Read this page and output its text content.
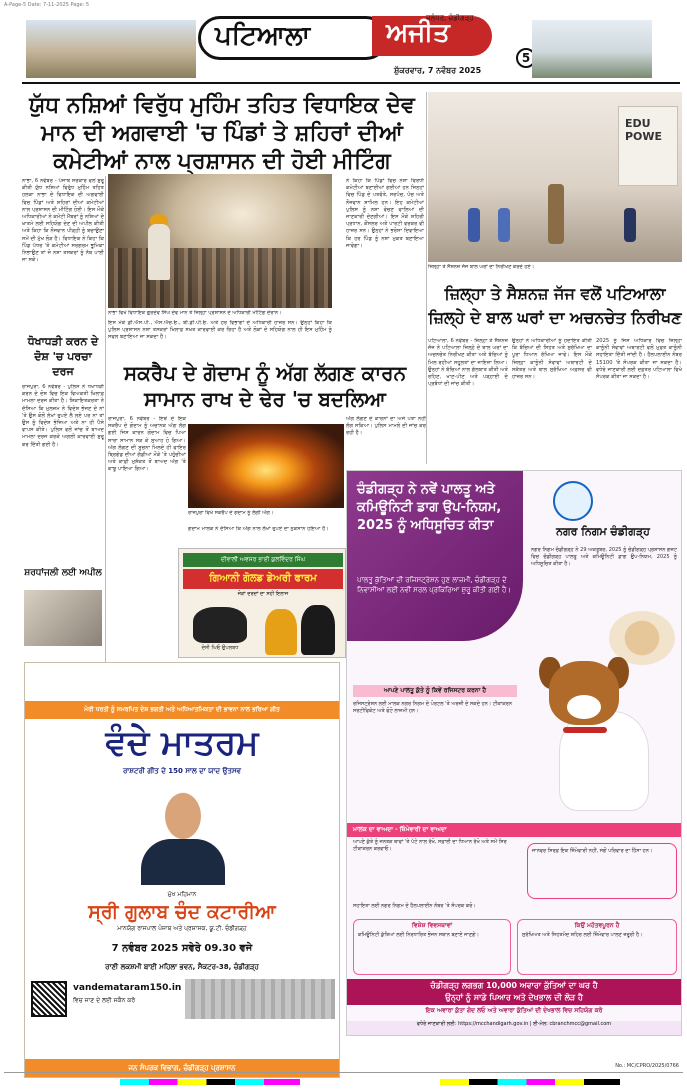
A-Page-5 Date: 7-11-2025 Page: 5
ਪਟਿਆਲਾ	ਅਜੀਤ
ਜਲੰਧਰ, ਚੰਡੀਗੜ੍ਹ
ਸ਼ੁੱਕਰਵਾਰ, 7 ਨਵੰਬਰ 2025
5
ਯੁੱਧ ਨਸ਼ਿਆਂ ਵਿਰੁੱਧ ਮੁਹਿੰਮ ਤਹਿਤ ਵਿਧਾਇਕ ਦੇਵ ਮਾਨ ਦੀ ਅਗਵਾਈ 'ਚ ਪਿੰਡਾਂ ਤੇ ਸ਼ਹਿਰਾਂ ਦੀਆਂ ਕਮੇਟੀਆਂ ਨਾਲ ਪ੍ਰਸ਼ਾਸਨ ਦੀ ਹੋਈ ਮੀਟਿੰਗ
ਨਾਭਾ, 6 ਨਵੰਬਰ - ਪੰਜਾਬ ਸਰਕਾਰ ਵਲੋਂ ਸ਼ੁਰੂ ਕੀਤੀ ਯੁੱਧ ਨਸ਼ਿਆਂ ਵਿਰੁੱਧ ਮੁਹਿੰਮ ਤਹਿਤ ਹਲਕਾ ਨਾਭਾ ਦੇ ਵਿਧਾਇਕ ਦੀ ਅਗਵਾਈ ਵਿਚ ਪਿੰਡਾਂ ਅਤੇ ਸ਼ਹਿਰਾਂ ਦੀਆਂ ਕਮੇਟੀਆਂ ਨਾਲ ਪ੍ਰਸ਼ਾਸਨ ਦੀ ਮੀਟਿੰਗ ਹੋਈ। ਇਸ ਮੌਕੇ ਅਧਿਕਾਰੀਆਂ ਨੇ ਕਮੇਟੀ ਮੈਂਬਰਾਂ ਨੂੰ ਨਸ਼ਿਆਂ ਦੇ ਖ਼ਾਤਮੇ ਲਈ ਸਹਿਯੋਗ ਦੇਣ ਦੀ ਅਪੀਲ ਕੀਤੀ ਅਤੇ ਕਿਹਾ ਕਿ ਨੌਜਵਾਨ ਪੀੜ੍ਹੀ ਨੂੰ ਬਚਾਉਣਾ ਸਮੇਂ ਦੀ ਮੁੱਖ ਲੋੜ ਹੈ। ਵਿਧਾਇਕ ਨੇ ਕਿਹਾ ਕਿ ਪਿੰਡ ਪੱਧਰ 'ਤੇ ਕਮੇਟੀਆਂ ਸਰਗਰਮ ਭੂਮਿਕਾ ਨਿਭਾਉਣ ਤਾਂ ਜੋ ਨਸ਼ਾ ਤਸਕਰਾਂ ਨੂੰ ਨੱਥ ਪਾਈ ਜਾ ਸਕੇ।
ਨਾਭਾ ਵਿਖੇ ਵਿਧਾਇਕ ਗੁਰਦੇਵ ਸਿੰਘ ਦੇਵ ਮਾਨ ਤੇ ਜ਼ਿਲ੍ਹਾ ਪ੍ਰਸ਼ਾਸਨ ਦੇ ਅਧਿਕਾਰੀ ਮੀਟਿੰਗ ਦੌਰਾਨ।
ਇਸ ਮੌਕੇ ਡੀ.ਐਸ.ਪੀ., ਐਸ.ਐਚ.ਓ., ਬੀ.ਡੀ.ਪੀ.ਓ. ਅਤੇ ਹੋਰ ਵਿਭਾਗਾਂ ਦੇ ਅਧਿਕਾਰੀ ਹਾਜ਼ਰ ਸਨ। ਉਨ੍ਹਾਂ ਕਿਹਾ ਕਿ ਪੁਲਿਸ ਪ੍ਰਸ਼ਾਸਨ ਨਸ਼ਾ ਤਸਕਰਾਂ ਖ਼ਿਲਾਫ਼ ਸਖ਼ਤ ਕਾਰਵਾਈ ਕਰ ਰਿਹਾ ਹੈ ਅਤੇ ਲੋਕਾਂ ਦੇ ਸਹਿਯੋਗ ਨਾਲ ਹੀ ਇਸ ਮੁਹਿੰਮ ਨੂੰ ਸਫਲ ਬਣਾਇਆ ਜਾ ਸਕਦਾ ਹੈ।
ਨੇ ਕਿਹਾ ਕਿ ਪਿੰਡਾਂ ਵਿਚ ਨਸ਼ਾ ਵਿਰੋਧੀ ਕਮੇਟੀਆਂ ਬਣਾਈਆਂ ਗਈਆਂ ਹਨ ਜਿਨ੍ਹਾਂ ਵਿਚ ਪਿੰਡ ਦੇ ਪਤਵੰਤੇ, ਸਰਪੰਚ, ਪੰਚ ਅਤੇ ਨੌਜਵਾਨ ਸ਼ਾਮਿਲ ਹਨ। ਇਹ ਕਮੇਟੀਆਂ ਪੁਲਿਸ ਨੂੰ ਨਸ਼ਾ ਵੇਚਣ ਵਾਲਿਆਂ ਦੀ ਜਾਣਕਾਰੀ ਦੇਣਗੀਆਂ। ਇਸ ਮੌਕੇ ਸ਼ਹਿਰੀ ਪ੍ਰਧਾਨ, ਕੌਂਸਲਰ ਅਤੇ ਪਾਰਟੀ ਵਰਕਰ ਵੀ ਹਾਜ਼ਰ ਸਨ। ਉਨ੍ਹਾਂ ਨੇ ਭਰੋਸਾ ਦਿਵਾਇਆ ਕਿ ਹਰ ਪਿੰਡ ਨੂੰ ਨਸ਼ਾ ਮੁਕਤ ਬਣਾਇਆ ਜਾਵੇਗਾ।
EDU POWE
ਜ਼ਿਲ੍ਹਾ ਤੇ ਸੈਸ਼ਨਜ਼ ਜੱਜ ਬਾਲ ਘਰਾਂ ਦਾ ਨਿਰੀਖਣ ਕਰਦੇ ਹੋਏ।
ਜ਼ਿਲ੍ਹਾ ਤੇ ਸੈਸ਼ਨਜ਼ ਜੱਜ ਵਲੋਂ ਪਟਿਆਲਾ ਜ਼ਿਲ੍ਹੇ ਦੇ ਬਾਲ ਘਰਾਂ ਦਾ ਅਚਨਚੇਤ ਨਿਰੀਖਣ
ਪਟਿਆਲਾ, 6 ਨਵੰਬਰ - ਜ਼ਿਲ੍ਹਾ ਤੇ ਸੈਸ਼ਨਜ਼ ਜੱਜ ਨੇ ਪਟਿਆਲਾ ਜ਼ਿਲ੍ਹੇ ਦੇ ਬਾਲ ਘਰਾਂ ਦਾ ਅਚਨਚੇਤ ਨਿਰੀਖਣ ਕੀਤਾ ਅਤੇ ਬੱਚਿਆਂ ਨੂੰ ਮਿਲ ਰਹੀਆਂ ਸਹੂਲਤਾਂ ਦਾ ਜਾਇਜ਼ਾ ਲਿਆ। ਉਨ੍ਹਾਂ ਨੇ ਬੱਚਿਆਂ ਨਾਲ ਗੱਲਬਾਤ ਕੀਤੀ ਅਤੇ ਰਹਿਣ, ਖਾਣ-ਪੀਣ ਅਤੇ ਪੜ੍ਹਾਈ ਦੇ ਪ੍ਰਬੰਧਾਂ ਦੀ ਜਾਂਚ ਕੀਤੀ।
ਉਨ੍ਹਾਂ ਨੇ ਅਧਿਕਾਰੀਆਂ ਨੂੰ ਹਦਾਇਤ ਕੀਤੀ ਕਿ ਬੱਚਿਆਂ ਦੀ ਸਿਹਤ ਅਤੇ ਸੁਰੱਖਿਆ ਦਾ ਪੂਰਾ ਧਿਆਨ ਰੱਖਿਆ ਜਾਵੇ। ਇਸ ਮੌਕੇ ਜ਼ਿਲ੍ਹਾ ਕਾਨੂੰਨੀ ਸੇਵਾਵਾਂ ਅਥਾਰਟੀ ਦੇ ਸਕੱਤਰ ਅਤੇ ਬਾਲ ਸੁਰੱਖਿਆ ਅਫ਼ਸਰ ਵੀ ਹਾਜ਼ਰ ਸਨ।
2025 ਨੂੰ ਜਿਸ ਅਧਿਕਾਰ ਵਿਚ ਜ਼ਿਲ੍ਹਾ ਕਾਨੂੰਨੀ ਸੇਵਾਵਾਂ ਅਥਾਰਟੀ ਵਲੋਂ ਮੁਫ਼ਤ ਕਾਨੂੰਨੀ ਸਹਾਇਤਾ ਦਿੱਤੀ ਜਾਂਦੀ ਹੈ। ਹੈਲਪਲਾਈਨ ਨੰਬਰ 15100 'ਤੇ ਸੰਪਰਕ ਕੀਤਾ ਜਾ ਸਕਦਾ ਹੈ। ਵਧੇਰੇ ਜਾਣਕਾਰੀ ਲਈ ਦਫ਼ਤਰ ਪਟਿਆਲਾ ਵਿਖੇ ਸੰਪਰਕ ਕੀਤਾ ਜਾ ਸਕਦਾ ਹੈ।
ਧੋਖਾਧੜੀ ਕਰਨ ਦੇ ਦੋਸ਼ 'ਚ ਪਰਚਾ ਦਰਜ
ਰਾਜਪੁਰਾ, 6 ਨਵੰਬਰ - ਪੁਲਿਸ ਨੇ ਧੋਖਾਧੜੀ ਕਰਨ ਦੇ ਦੋਸ਼ ਵਿਚ ਇਕ ਵਿਅਕਤੀ ਖ਼ਿਲਾਫ਼ ਮਾਮਲਾ ਦਰਜ ਕੀਤਾ ਹੈ। ਸ਼ਿਕਾਇਤਕਰਤਾ ਨੇ ਦੱਸਿਆ ਕਿ ਮੁਲਜ਼ਮ ਨੇ ਵਿਦੇਸ਼ ਭੇਜਣ ਦੇ ਨਾਂ 'ਤੇ ਉਸ ਕੋਲੋਂ ਲੱਖਾਂ ਰੁਪਏ ਲੈ ਲਏ ਪਰ ਨਾ ਤਾਂ ਉਸ ਨੂੰ ਵਿਦੇਸ਼ ਭੇਜਿਆ ਅਤੇ ਨਾ ਹੀ ਪੈਸੇ ਵਾਪਸ ਕੀਤੇ। ਪੁਲਿਸ ਵਲੋਂ ਜਾਂਚ ਤੋਂ ਬਾਅਦ ਮਾਮਲਾ ਦਰਜ ਕਰਕੇ ਅਗਲੀ ਕਾਰਵਾਈ ਸ਼ੁਰੂ ਕਰ ਦਿੱਤੀ ਗਈ ਹੈ।
ਸ਼ਰਧਾਂਜਲੀ ਲਈ ਅਪੀਲ
ਸਕਰੈਪ ਦੇ ਗੋਦਾਮ ਨੂੰ ਅੱਗ ਲੱਗਣ ਕਾਰਨ ਸਾਮਾਨ ਰਾਖ ਦੇ ਢੇਰ 'ਚ ਬਦਲਿਆ
ਰਾਜਪੁਰਾ, 6 ਨਵੰਬਰ - ਇਥੋਂ ਦੇ ਇਕ ਸਕਰੈਪ ਦੇ ਗੋਦਾਮ ਨੂੰ ਅਚਾਨਕ ਅੱਗ ਲੱਗ ਗਈ ਜਿਸ ਕਾਰਨ ਗੋਦਾਮ ਵਿਚ ਪਿਆ ਸਾਰਾ ਸਾਮਾਨ ਸੜ ਕੇ ਸੁਆਹ ਹੋ ਗਿਆ। ਅੱਗ ਲੱਗਣ ਦੀ ਸੂਚਨਾ ਮਿਲਦੇ ਹੀ ਫਾਇਰ ਬ੍ਰਿਗੇਡ ਦੀਆਂ ਗੱਡੀਆਂ ਮੌਕੇ 'ਤੇ ਪਹੁੰਚੀਆਂ ਅਤੇ ਕਾਫ਼ੀ ਮੁਸ਼ੱਕਤ ਤੋਂ ਬਾਅਦ ਅੱਗ 'ਤੇ ਕਾਬੂ ਪਾਇਆ ਗਿਆ।
ਰਾਜਪੁਰਾ ਵਿਖੇ ਸਕਰੈਪ ਦੇ ਗੋਦਾਮ ਨੂੰ ਲੱਗੀ ਅੱਗ।
ਗੋਦਾਮ ਮਾਲਕ ਨੇ ਦੱਸਿਆ ਕਿ ਅੱਗ ਨਾਲ ਲੱਖਾਂ ਰੁਪਏ ਦਾ ਨੁਕਸਾਨ ਹੋਇਆ ਹੈ।
ਅੱਗ ਲੱਗਣ ਦੇ ਕਾਰਨਾਂ ਦਾ ਅਜੇ ਪਤਾ ਨਹੀਂ ਲੱਗ ਸਕਿਆ। ਪੁਲਿਸ ਮਾਮਲੇ ਦੀ ਜਾਂਚ ਕਰ ਰਹੀ ਹੈ।
ਦੀਵਾਲੀ ਅਵਸਰ ਭਾਈ ਕੁਲਵਿੰਦਰ ਸਿੰਘ
ਗਿਆਨੀ ਗੋਲਡ ਡੇਅਰੀ ਫਾਰਮ
ਜੋੜਾਂ ਦਰਦਾਂ ਦਾ ਸਹੀ ਇਲਾਜ
ਦੇਸੀ ਘਿਓ ਉਪਲਬਧ
ਮੇਰੀ ਧਰਤੀ ਨੂੰ ਸਮਰਪਿਤ ਦੇਸ਼ ਭਗਤੀ ਅਤੇ ਅਧਿਆਤਮਿਕਤਾ ਦੀ ਭਾਵਨਾ ਨਾਲ ਭਰਿਆ ਗੀਤ
ਵੰਦੇ ਮਾਤਰਮ
ਰਾਸ਼ਟਰੀ ਗੀਤ ਦੇ 150 ਸਾਲ ਦਾ ਯਾਦ ਉਤਸਵ
ਮੁੱਖ ਮਹਿਮਾਨ
ਸ੍ਰੀ ਗੁਲਾਬ ਚੰਦ ਕਟਾਰੀਆ
ਮਾਨਯੋਗ ਰਾਜਪਾਲ ਪੰਜਾਬ ਅਤੇ ਪ੍ਰਸ਼ਾਸਕ, ਯੂ.ਟੀ. ਚੰਡੀਗੜ੍ਹ
7 ਨਵੰਬਰ 2025 ਸਵੇਰੇ 09.30 ਵਜੇ
ਰਾਣੀ ਲਕਸ਼ਮੀ ਬਾਈ ਮਹਿਲਾ ਭਵਨ, ਸੈਕਟਰ-38, ਚੰਡੀਗੜ੍ਹ
vandemataram150.in
ਵਿਚ ਜਾਣ ਦੇ ਲਈ ਸਕੈਨ ਕਰੋ
ਜਨ ਸੰਪਰਕ ਵਿਭਾਗ, ਚੰਡੀਗੜ੍ਹ ਪ੍ਰਸ਼ਾਸਨ
ਚੰਡੀਗੜ੍ਹ ਨੇ ਨਵੇਂ ਪਾਲਤੂ ਅਤੇ ਕਮਿਊਨਿਟੀ ਡਾਗ ਉਪ-ਨਿਯਮ, 2025 ਨੂੰ ਅਧਿਸੂਚਿਤ ਕੀਤਾ
ਪਾਲਤੂ ਕੁੱਤਿਆਂ ਦੀ ਰਜਿਸਟ੍ਰੇਸ਼ਨ ਹੁਣ ਲਾਜ਼ਮੀ, ਚੰਡੀਗੜ੍ਹ ਦੇ ਨਿਵਾਸੀਆਂ ਲਈ ਨਵੀਂ ਸਰਲ ਪ੍ਰਕਿਰਿਆ ਸ਼ੁਰੂ ਕੀਤੀ ਗਈ ਹੈ।
ਨਗਰ ਨਿਗਮ ਚੰਡੀਗੜ੍ਹ
ਨਗਰ ਨਿਗਮ ਚੰਡੀਗੜ੍ਹ ਨੇ 29 ਅਕਤੂਬਰ, 2025 ਨੂੰ ਚੰਡੀਗੜ੍ਹ ਪ੍ਰਸ਼ਾਸਨ ਗਜ਼ਟ ਵਿਚ ਚੰਡੀਗੜ੍ਹ ਪਾਲਤੂ ਅਤੇ ਕਮਿਊਨਿਟੀ ਡਾਗ ਉਪ-ਨਿਯਮ, 2025 ਨੂੰ ਅਧਿਸੂਚਿਤ ਕੀਤਾ ਹੈ।
ਆਪਣੇ ਪਾਲਤੂ ਕੁੱਤੇ ਨੂੰ ਕਿਵੇਂ ਰਜਿਸਟਰ ਕਰਨਾ ਹੈ
ਰਜਿਸਟ੍ਰੇਸ਼ਨ ਲਈ ਮਾਲਕ ਨਗਰ ਨਿਗਮ ਦੇ ਪੋਰਟਲ 'ਤੇ ਅਰਜ਼ੀ ਦੇ ਸਕਦੇ ਹਨ। ਟੀਕਾਕਰਨ ਸਰਟੀਫਿਕੇਟ ਅਤੇ ਫੋਟੋ ਲਾਜ਼ਮੀ ਹਨ।
ਮਾਲਕ ਦਾ ਵਾਅਦਾ - ਜ਼ਿੰਮੇਵਾਰੀ ਦਾ ਵਾਅਦਾ
ਆਪਣੇ ਕੁੱਤੇ ਨੂੰ ਜਨਤਕ ਥਾਵਾਂ 'ਤੇ ਪੱਟੇ ਨਾਲ ਰੱਖੋ, ਸਫ਼ਾਈ ਦਾ ਧਿਆਨ ਰੱਖੋ ਅਤੇ ਸਮੇਂ ਸਿਰ ਟੀਕਾਕਰਨ ਕਰਵਾਓ।	ਜਾਨਵਰ ਸਿਰਫ਼ ਇਕ ਜ਼ਿੰਮੇਵਾਰੀ ਨਹੀਂ, ਸਗੋਂ ਪਰਿਵਾਰ ਦਾ ਹਿੱਸਾ ਹਨ।
ਸਹਾਇਤਾ ਲਈ ਨਗਰ ਨਿਗਮ ਦੇ ਹੈਲਪਲਾਈਨ ਨੰਬਰ 'ਤੇ ਸੰਪਰਕ ਕਰੋ।
ਵਿਸ਼ੇਸ਼ ਵਿਵਸਥਾਵਾਂ
ਕਮਿਊਨਿਟੀ ਕੁੱਤਿਆਂ ਲਈ ਨਿਰਧਾਰਿਤ ਭੋਜਨ ਸਥਾਨ ਬਣਾਏ ਜਾਣਗੇ।
ਕਿਉਂ ਮਹੱਤਵਪੂਰਨ ਹੈ
ਸੁਰੱਖਿਅਤ ਅਤੇ ਸਿਹਤਮੰਦ ਸ਼ਹਿਰ ਲਈ ਜ਼ਿੰਮੇਵਾਰ ਪਾਲਣ ਜ਼ਰੂਰੀ ਹੈ।
ਚੰਡੀਗੜ੍ਹ ਲਗਭਗ 10,000 ਅਵਾਰਾ ਕੁੱਤਿਆਂ ਦਾ ਘਰ ਹੈ
ਉਨ੍ਹਾਂ ਨੂੰ ਸਾਡੇ ਪਿਆਰ ਅਤੇ ਦੇਖਭਾਲ ਦੀ ਲੋੜ ਹੈ
ਇਕ ਅਵਾਰਾ ਕੁੱਤਾ ਗੋਦ ਲਓ ਅਤੇ ਅਵਾਰਾ ਕੁੱਤਿਆਂ ਦੀ ਦੇਖਭਾਲ ਵਿਚ ਸਹਿਯੋਗ ਕਰੋ
ਵਧੇਰੇ ਜਾਣਕਾਰੀ ਲਈ: https://mcchandigarh.gov.in | ਈ-ਮੇਲ: cbranchmcc@gmail.com
No.: MC/CPRO/2025/0766
